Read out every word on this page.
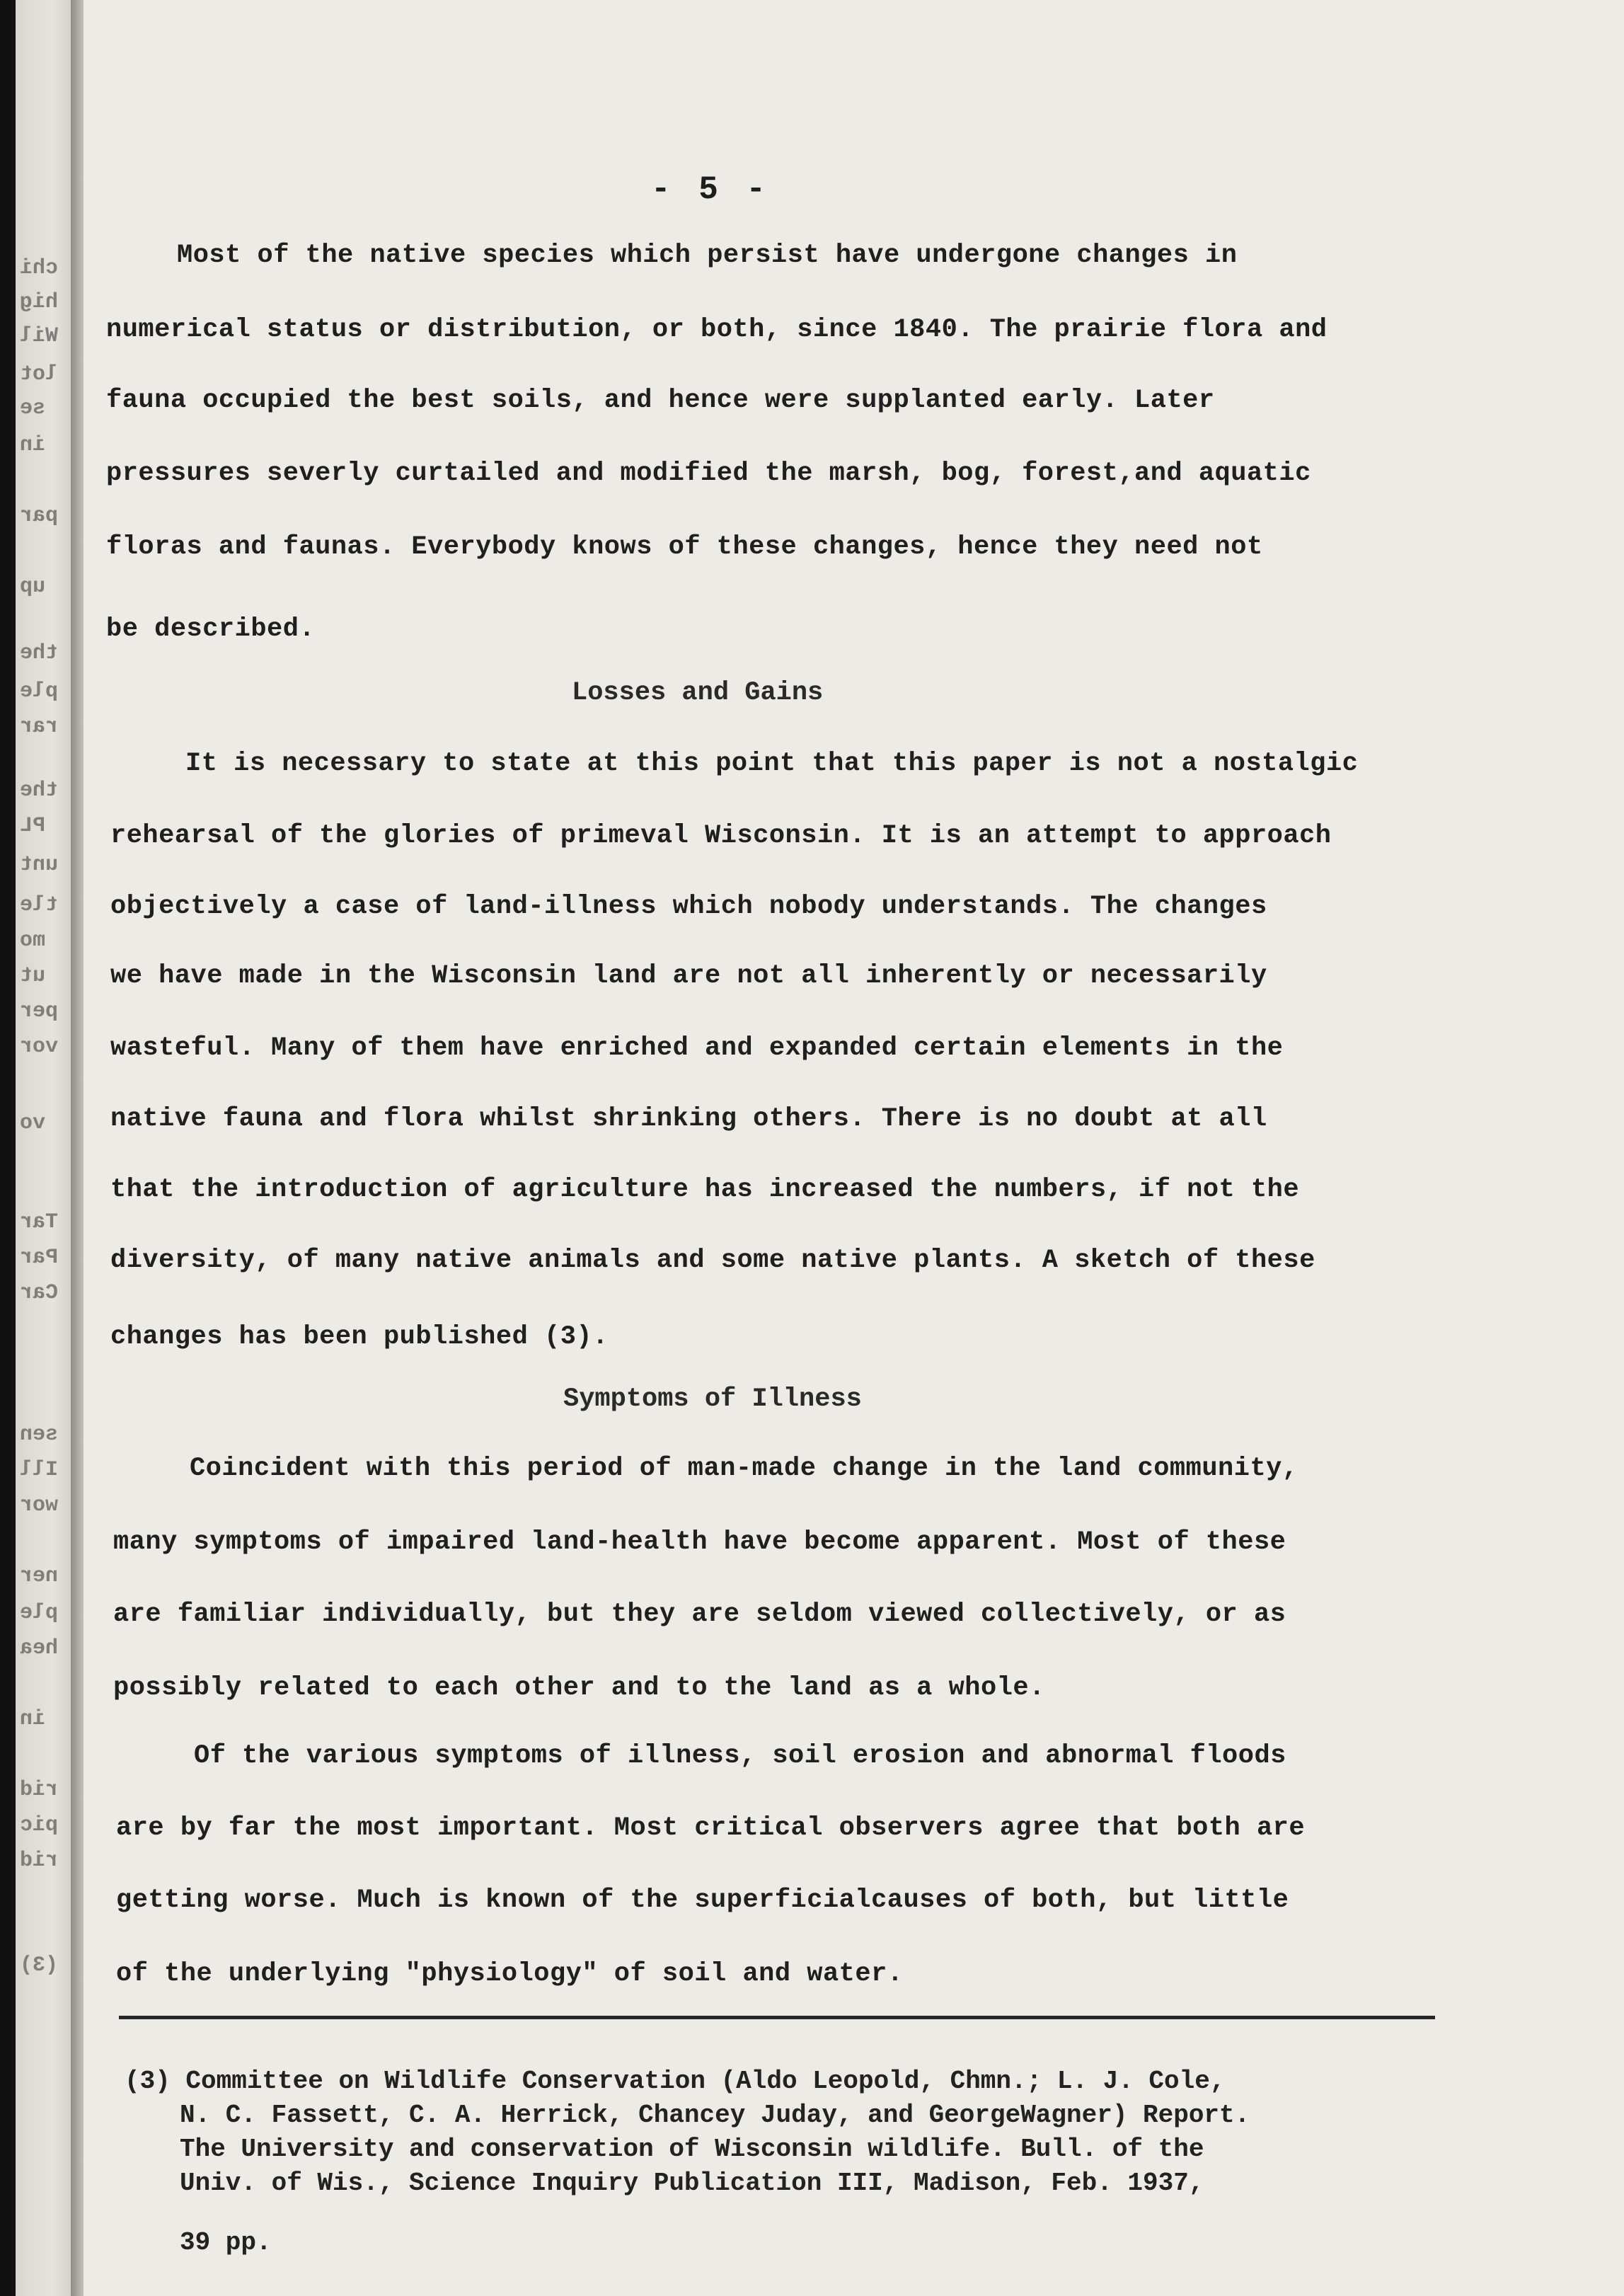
chi
hig
Wil
lot
se
in
par
up
the
ple
rar
the
PL
unt
tle
mo
ut
per
vor
vo
Tar
Par
Car
sen
Ill
wor
ner
ple
hea
in
rid
pic
rid
(3)
- 5 -
Most of the native species which persist have undergone changes in
numerical status or distribution, or both, since 1840. The prairie flora and
fauna occupied the best soils, and hence were supplanted early. Later
pressures severly curtailed and modified the marsh, bog, forest,and aquatic
floras and faunas. Everybody knows of these changes, hence they need not
be described.
Losses and Gains
It is necessary to state at this point that this paper is not a nostalgic
rehearsal of the glories of primeval Wisconsin. It is an attempt to approach
objectively a case of land-illness which nobody understands. The changes
we have made in the Wisconsin land are not all inherently or necessarily
wasteful. Many of them have enriched and expanded certain elements in the
native fauna and flora whilst shrinking others. There is no doubt at all
that the introduction of agriculture has increased the numbers, if not the
diversity, of many native animals and some native plants. A sketch of these
changes has been published (3).
Symptoms of Illness
Coincident with this period of man-made change in the land community,
many symptoms of impaired land-health have become apparent. Most of these
are familiar individually, but they are seldom viewed collectively, or as
possibly related to each other and to the land as a whole.
Of the various symptoms of illness, soil erosion and abnormal floods
are by far the most important. Most critical observers agree that both are
getting worse. Much is known of the superficialcauses of both, but little
of the underlying "physiology" of soil and water.
(3) Committee on Wildlife Conservation (Aldo Leopold, Chmn.; L. J. Cole,
N. C. Fassett, C. A. Herrick, Chancey Juday, and GeorgeWagner) Report.
The University and conservation of Wisconsin wildlife. Bull. of the
Univ. of Wis., Science Inquiry Publication III, Madison, Feb. 1937,
39 pp.
